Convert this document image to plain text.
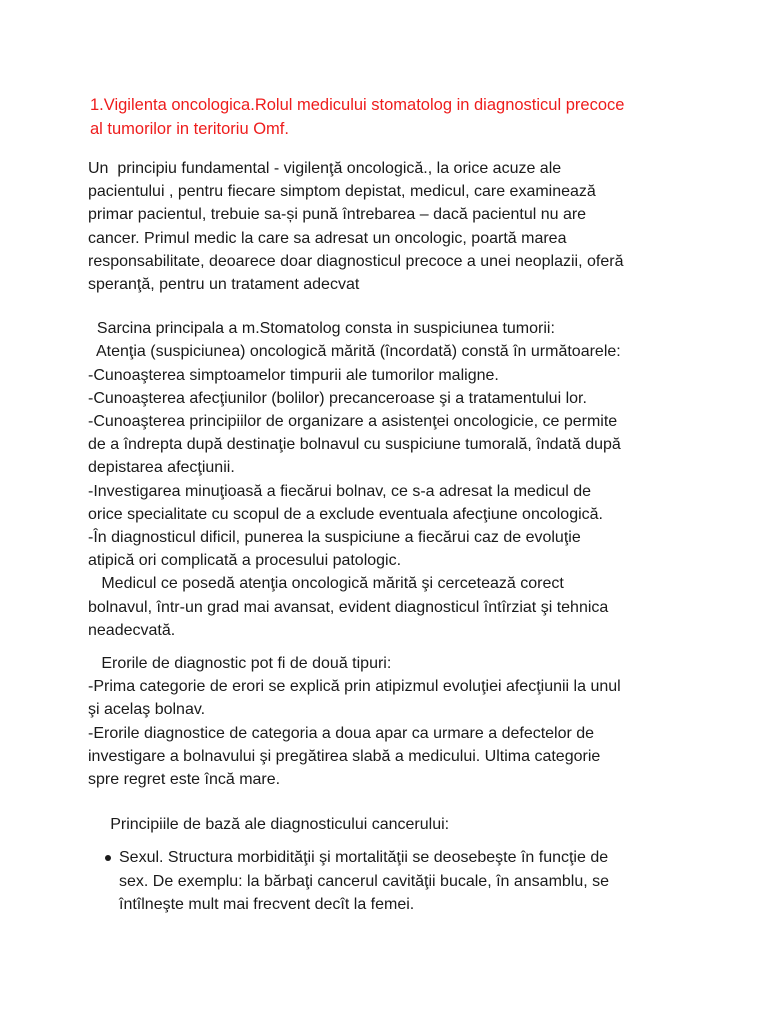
1.Vigilenta oncologica.Rolul medicului stomatolog in diagnosticul precoce
al tumorilor in teritoriu Omf.
Un  principiu fundamental - vigilenţă oncologică., la orice acuze ale
pacientului , pentru fiecare simptom depistat, medicul, care examinează
primar pacientul, trebuie sa-și pună întrebarea – dacă pacientul nu are
cancer. Primul medic la care sa adresat un oncologic, poartă marea
responsabilitate, deoarece doar diagnosticul precoce a unei neoplazii, oferă
speranţă, pentru un tratament adecvat
Sarcina principala a m.Stomatolog consta in suspiciunea tumorii:
Atenţia (suspiciunea) oncologică mărită (încordată) constă în următoarele:
-Cunoaşterea simptoamelor timpurii ale tumorilor maligne.
-Cunoaşterea afecţiunilor (bolilor) precanceroase şi a tratamentului lor.
-Cunoaşterea principiilor de organizare a asistenţei oncologicie, ce permite
de a îndrepta după destinaţie bolnavul cu suspiciune tumorală, îndată după
depistarea afecţiunii.
-Investigarea minuţioasă a fiecărui bolnav, ce s-a adresat la medicul de
orice specialitate cu scopul de a exclude eventuala afecţiune oncologică.
-În diagnosticul dificil, punerea la suspiciune a fiecărui caz de evoluţie
atipică ori complicată a procesului patologic.
Medicul ce posedă atenţia oncologică mărită şi cercetează corect
bolnavul, într-un grad mai avansat, evident diagnosticul întîrziat şi tehnica
neadecvată.
Erorile de diagnostic pot fi de două tipuri:
-Prima categorie de erori se explică prin atipizmul evoluţiei afecţiunii la unul
şi acelaş bolnav.
-Erorile diagnostice de categoria a doua apar ca urmare a defectelor de
investigare a bolnavului şi pregătirea slabă a medicului. Ultima categorie
spre regret este încă mare.
Principiile de bază ale diagnosticului cancerului:
Sexul. Structura morbidităţii şi mortalităţii se deosebeşte în funcţie de
sex. De exemplu: la bărbaţi cancerul cavităţii bucale, în ansamblu, se
întîlneşte mult mai frecvent decît la femei.
